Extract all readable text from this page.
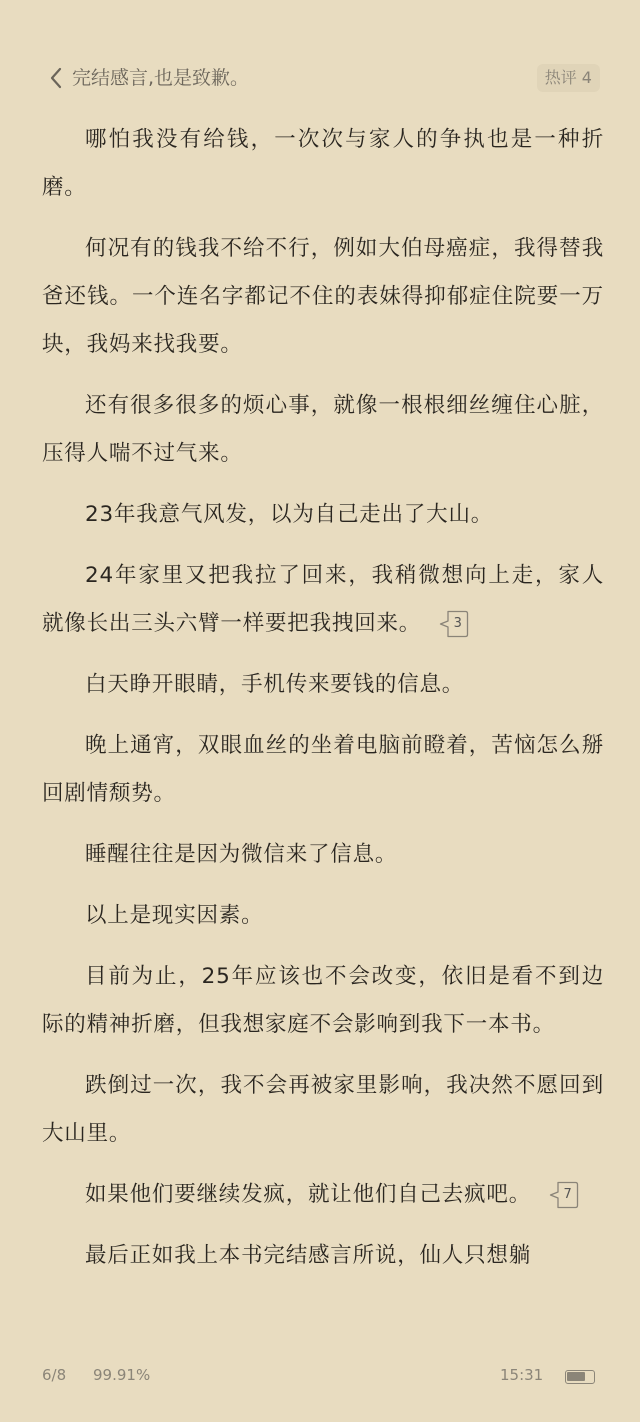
完结感言,也是致歉。	热评 4

哪怕我没有给钱，一次次与家人的争执也是一种折磨。

何况有的钱我不给不行，例如大伯母癌症，我得替我爸还钱。一个连名字都记不住的表妹得抑郁症住院要一万块，我妈来找我要。

还有很多很多的烦心事，就像一根根细丝缠住心脏，压得人喘不过气来。

23年我意气风发，以为自己走出了大山。

24年家里又把我拉了回来，我稍微想向上走，家人就像长出三头六臂一样要把我拽回来。	3

白天睁开眼睛，手机传来要钱的信息。

晚上通宵，双眼血丝的坐着电脑前瞪着，苦恼怎么掰回剧情颓势。

睡醒往往是因为微信来了信息。

以上是现实因素。

目前为止，25年应该也不会改变，依旧是看不到边际的精神折磨，但我想家庭不会影响到我下一本书。

跌倒过一次，我不会再被家里影响，我决然不愿回到大山里。

如果他们要继续发疯，就让他们自己去疯吧。	7

最后正如我上本书完结感言所说，仙人只想躺

6/8 99.91%	15:31
